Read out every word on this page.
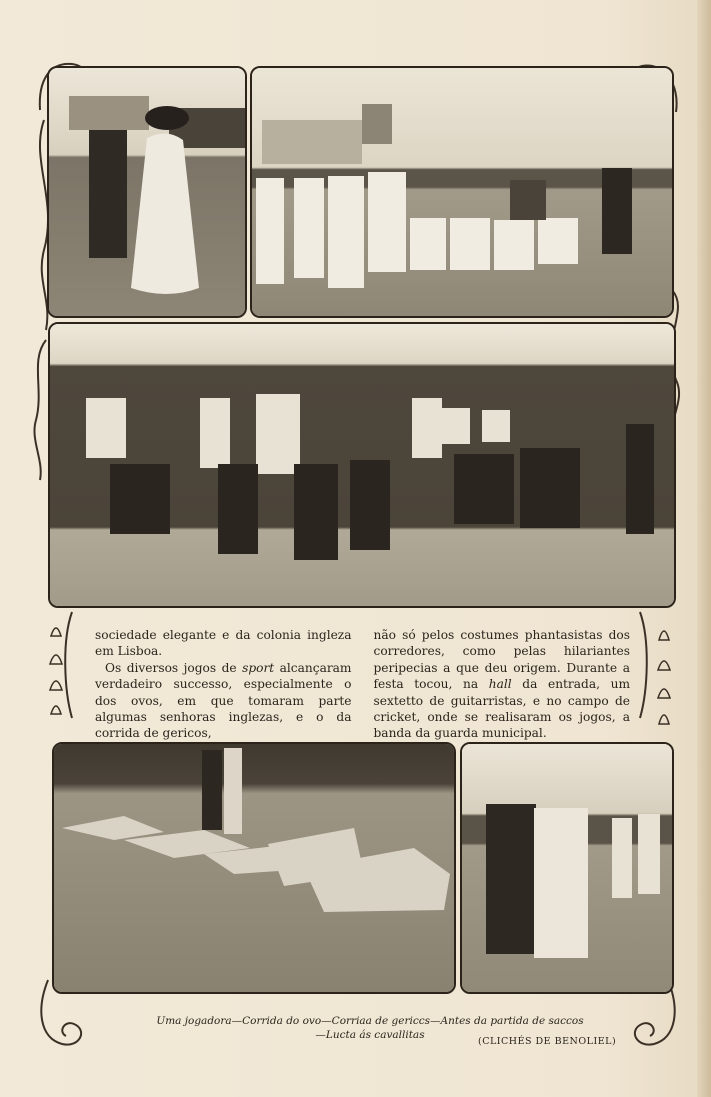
sociedade elegante e da colonia ingleza em Lisboa.

Os diversos jogos de sport alcançaram verdadeiro successo, especialmente o dos ovos, em que tomaram parte algumas senhoras inglezas, e o da corrida de gericos,

não só pelos costumes phantasistas dos corredores, como pelas hilariantes peripecias a que deu origem. Durante a festa tocou, na hall da entrada, um sextetto de guitarristas, e no campo de cricket, onde se realisaram os jogos, a banda da guarda municipal.

Uma jogadora—Corrida do ovo—Corriaa de gericcs—Antes da partida de saccos
—Lucta ás cavallitas
(CLICHÉS DE BENOLIEL)
